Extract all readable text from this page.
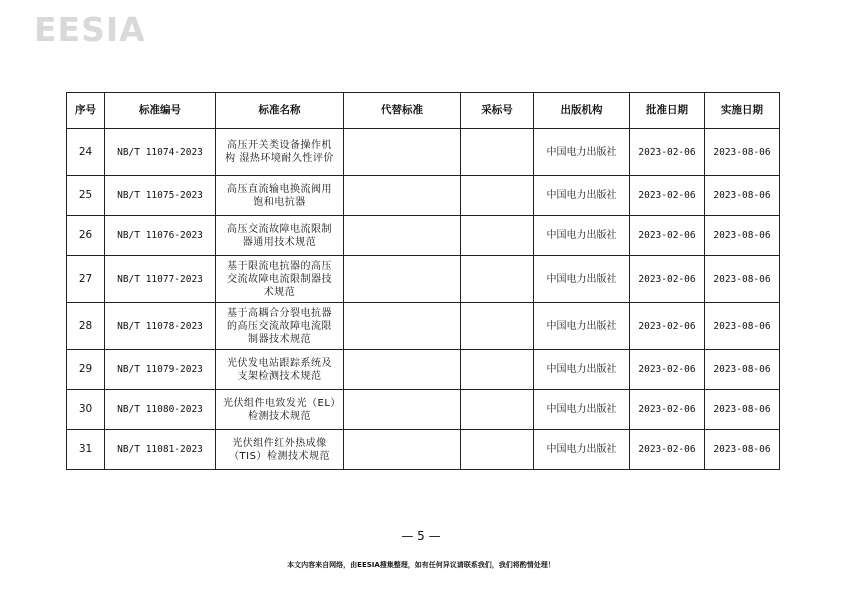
EESIA
序号	标准编号	标准名称	代替标准	采标号	出版机构	批准日期	实施日期
24	NB/T 11074-2023	高压开关类设备操作机构 湿热环境耐久性评价			中国电力出版社	2023-02-06	2023-08-06
25	NB/T 11075-2023	高压直流输电换流阀用饱和电抗器			中国电力出版社	2023-02-06	2023-08-06
26	NB/T 11076-2023	高压交流故障电流限制器通用技术规范			中国电力出版社	2023-02-06	2023-08-06
27	NB/T 11077-2023	基于限流电抗器的高压交流故障电流限制器技术规范			中国电力出版社	2023-02-06	2023-08-06
28	NB/T 11078-2023	基于高耦合分裂电抗器的高压交流故障电流限制器技术规范			中国电力出版社	2023-02-06	2023-08-06
29	NB/T 11079-2023	光伏发电站跟踪系统及支架检测技术规范			中国电力出版社	2023-02-06	2023-08-06
30	NB/T 11080-2023	光伏组件电致发光（EL）检测技术规范			中国电力出版社	2023-02-06	2023-08-06
31	NB/T 11081-2023	光伏组件红外热成像（TIS）检测技术规范			中国电力出版社	2023-02-06	2023-08-06
— 5 —
本文内容来自网络，由EESIA搜集整理，如有任何异议请联系我们，我们将酌情处理！
